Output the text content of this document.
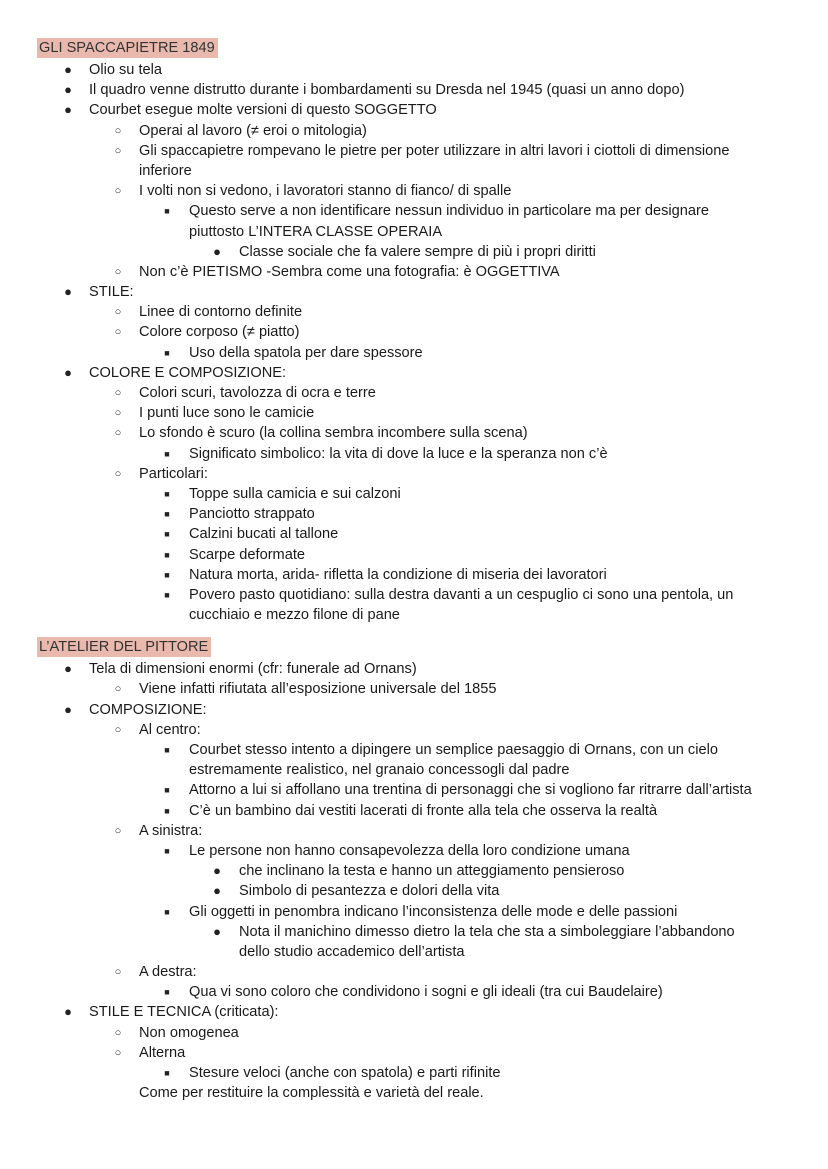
GLI SPACCAPIETRE 1849
● Olio su tela
● Il quadro venne distrutto durante i bombardamenti su Dresda nel 1945 (quasi un anno dopo)
● Courbet esegue molte versioni di questo SOGGETTO
○ Operai al lavoro (≠ eroi o mitologia)
○ Gli spaccapietre rompevano le pietre per poter utilizzare in altri lavori i ciottoli di dimensione
inferiore
○ I volti non si vedono, i lavoratori stanno di fianco/ di spalle
■ Questo serve a non identificare nessun individuo in particolare ma per designare
piuttosto L’INTERA CLASSE OPERAIA
● Classe sociale che fa valere sempre di più i propri diritti
○ Non c’è PIETISMO -Sembra come una fotografia: è OGGETTIVA
● STILE:
○ Linee di contorno definite
○ Colore corposo (≠ piatto)
■ Uso della spatola per dare spessore
● COLORE E COMPOSIZIONE:
○ Colori scuri, tavolozza di ocra e terre
○ I punti luce sono le camicie
○ Lo sfondo è scuro (la collina sembra incombere sulla scena)
■ Significato simbolico: la vita di dove la luce e la speranza non c’è
○ Particolari:
■ Toppe sulla camicia e sui calzoni
■ Panciotto strappato
■ Calzini bucati al tallone
■ Scarpe deformate
■ Natura morta, arida- rifletta la condizione di miseria dei lavoratori
■ Povero pasto quotidiano: sulla destra davanti a un cespuglio ci sono una pentola, un
cucchiaio e mezzo filone di pane
L’ATELIER DEL PITTORE
● Tela di dimensioni enormi (cfr: funerale ad Ornans)
○ Viene infatti rifiutata all’esposizione universale del 1855
● COMPOSIZIONE:
○ Al centro:
■ Courbet stesso intento a dipingere un semplice paesaggio di Ornans, con un cielo
estremamente realistico, nel granaio concessogli dal padre
■ Attorno a lui si affollano una trentina di personaggi che si vogliono far ritrarre dall’artista
■ C’è un bambino dai vestiti lacerati di fronte alla tela che osserva la realtà
○ A sinistra:
■ Le persone non hanno consapevolezza della loro condizione umana
● che inclinano la testa e hanno un atteggiamento pensieroso
● Simbolo di pesantezza e dolori della vita
■ Gli oggetti in penombra indicano l’inconsistenza delle mode e delle passioni
● Nota il manichino dimesso dietro la tela che sta a simboleggiare l’abbandono
dello studio accademico dell’artista
○ A destra:
■ Qua vi sono coloro che condividono i sogni e gli ideali (tra cui Baudelaire)
● STILE E TECNICA (criticata):
○ Non omogenea
○ Alterna
■ Stesure veloci (anche con spatola) e parti rifinite
Come per restituire la complessità e varietà del reale.
